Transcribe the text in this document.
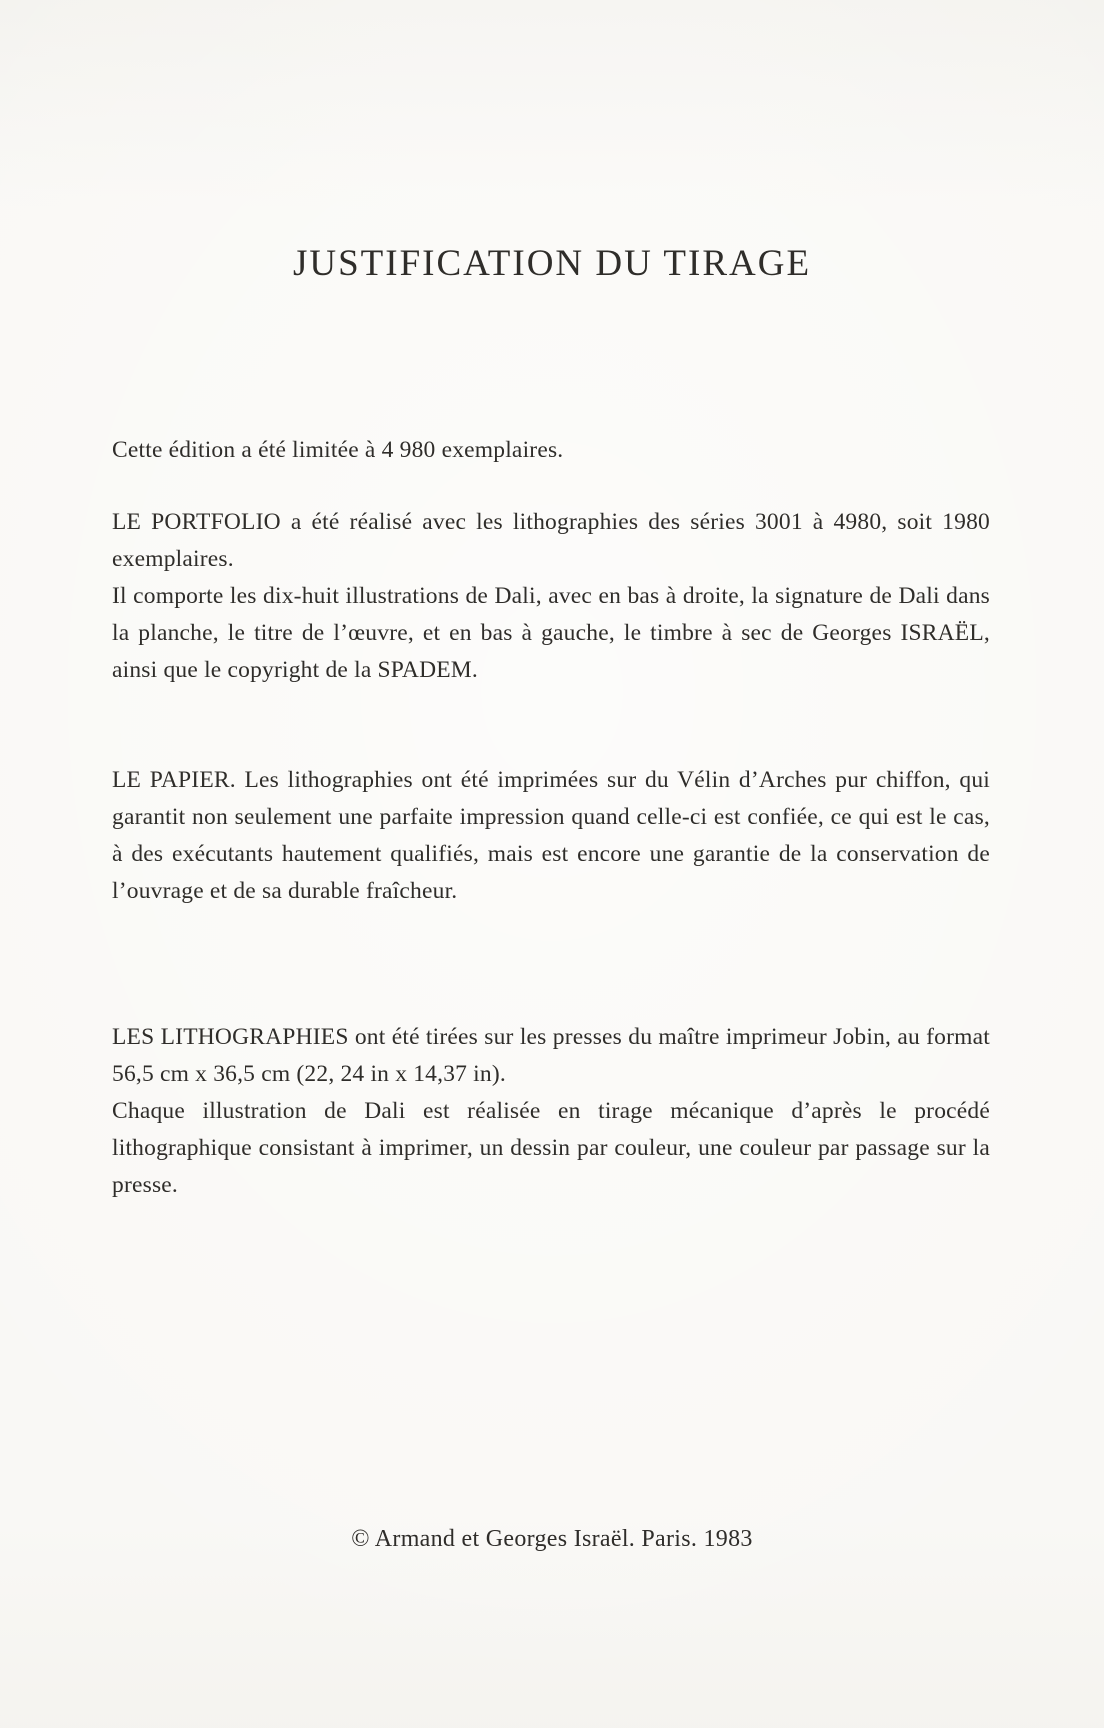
JUSTIFICATION DU TIRAGE

Cette édition a été limitée à 4 980 exemplaires.

LE PORTFOLIO a été réalisé avec les lithographies des séries 3001 à 4980, soit 1980 exemplaires.
Il comporte les dix-huit illustrations de Dali, avec en bas à droite, la signature de Dali dans la planche, le titre de l’œuvre, et en bas à gauche, le timbre à sec de Georges ISRAËL, ainsi que le copyright de la SPADEM.
LE PAPIER. Les lithographies ont été imprimées sur du Vélin d’Arches pur chiffon, qui garantit non seulement une parfaite impression quand celle-ci est confiée, ce qui est le cas, à des exécutants hautement qualifiés, mais est encore une garantie de la conservation de l’ouvrage et de sa durable fraîcheur.
LES LITHOGRAPHIES ont été tirées sur les presses du maître imprimeur Jobin, au format 56,5 cm x 36,5 cm (22, 24 in x 14,37 in).
Chaque illustration de Dali est réalisée en tirage mécanique d’après le procédé lithographique consistant à imprimer, un dessin par couleur, une couleur par passage sur la presse.

© Armand et Georges Israël. Paris. 1983
